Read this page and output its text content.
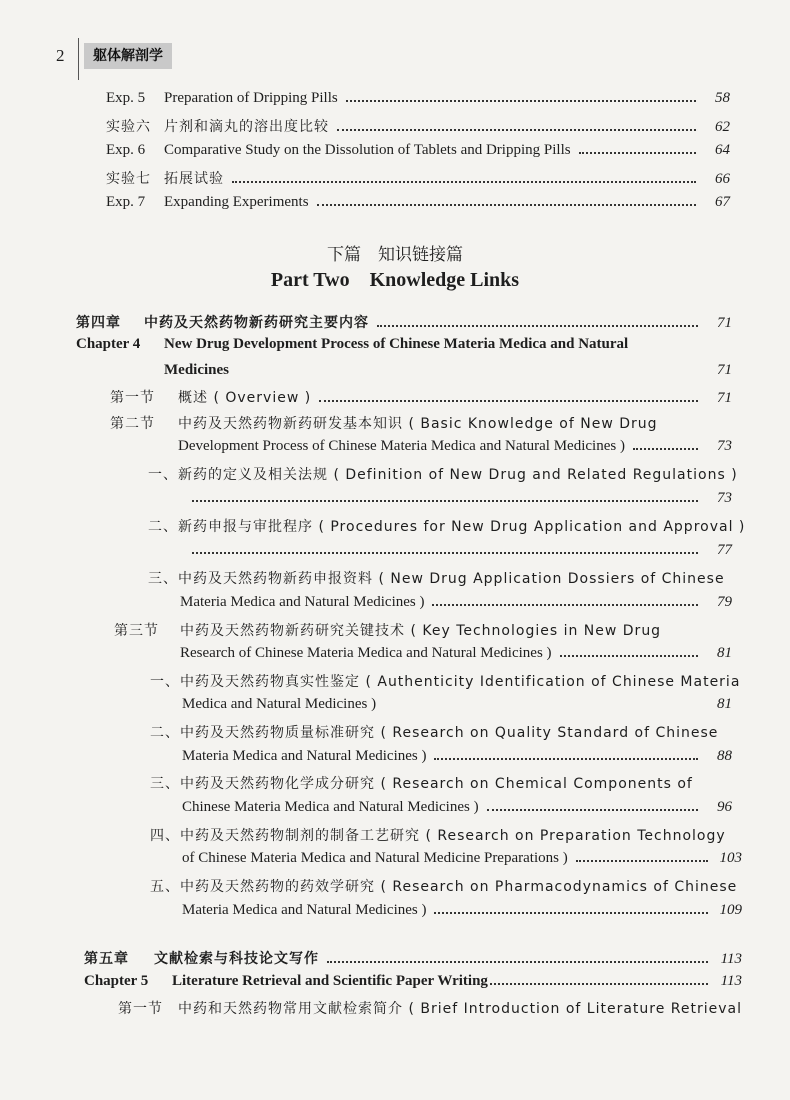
2	躯体解剖学
Exp. 5	Preparation of Dripping Pills	58
实验六 片剂和滴丸的溶出度比较	62
Exp. 6	Comparative Study on the Dissolution of Tablets and Dripping Pills	64
实验七 拓展试验	66
Exp. 7	Expanding Experiments	67
下篇　知识链接篇
Part Two　Knowledge Links
第四章	中药及天然药物新药研究主要内容	71
Chapter 4	New Drug Development Process of Chinese Materia Medica and Natural
Medicines	71
第一节	概述 ( Overview )	71
第二节	中药及天然药物新药研发基本知识 ( Basic Knowledge of New Drug
Development Process of Chinese Materia Medica and Natural Medicines )	73
一、新药的定义及相关法规 ( Definition of New Drug and Related Regulations )
73
二、新药申报与审批程序 ( Procedures for New Drug Application and Approval )
77
三、中药及天然药物新药申报资料 ( New Drug Application Dossiers of Chinese
Materia Medica and Natural Medicines )	79
第三节	中药及天然药物新药研究关键技术 ( Key Technologies in New Drug
Research of Chinese Materia Medica and Natural Medicines )	81
一、中药及天然药物真实性鉴定 ( Authenticity Identification of Chinese Materia
Medica and Natural Medicines )	81
二、中药及天然药物质量标准研究 ( Research on Quality Standard of Chinese
Materia Medica and Natural Medicines )	88
三、中药及天然药物化学成分研究 ( Research on Chemical Components of
Chinese Materia Medica and Natural Medicines )	96
四、中药及天然药物制剂的制备工艺研究 ( Research on Preparation Technology
of Chinese Materia Medica and Natural Medicine Preparations )	103
五、中药及天然药物的药效学研究 ( Research on Pharmacodynamics of Chinese
Materia Medica and Natural Medicines )	109
第五章	文献检索与科技论文写作	113
Chapter 5	Literature Retrieval and Scientific Paper Writing	113
第一节	中药和天然药物常用文献检索简介 ( Brief Introduction of Literature Retrieval
